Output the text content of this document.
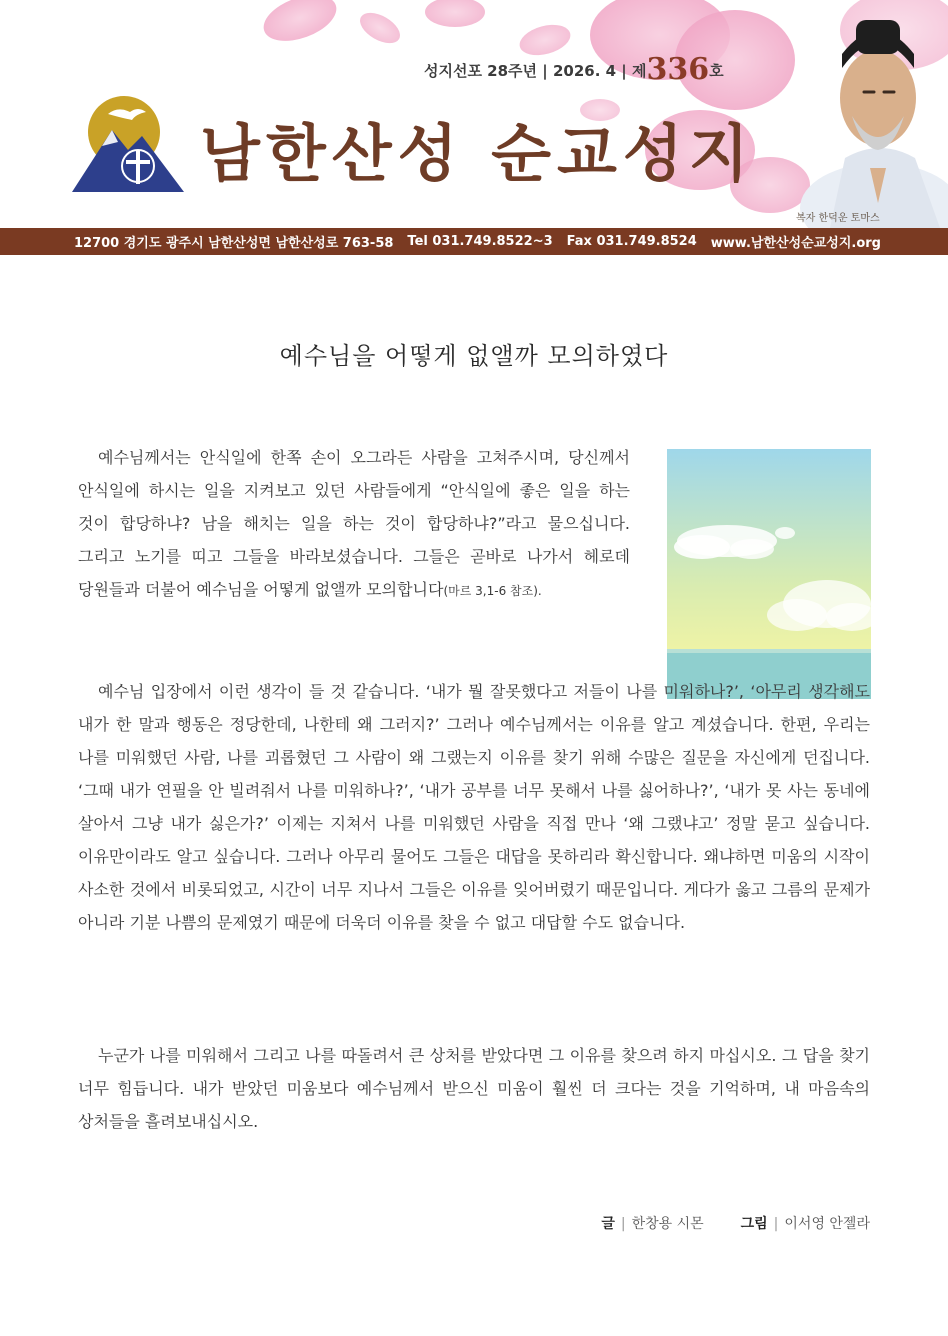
성지선포 28주년 | 2026. 4 | 제336호
남한산성 순교성지
복자 한덕운 토마스
12700 경기도 광주시 남한산성면 남한산성로 763-58 Tel 031.749.8522~3 Fax 031.749.8524 www.남한산성순교성지.org
예수님을 어떻게 없앨까 모의하였다

예수님께서는 안식일에 한쪽 손이 오그라든 사람을 고쳐주시며, 당신께서 안식일에 하시는 일을 지켜보고 있던 사람들에게 “안식일에 좋은 일을 하는 것이 합당하냐? 남을 해치는 일을 하는 것이 합당하냐?”라고 물으십니다. 그리고 노기를 띠고 그들을 바라보셨습니다. 그들은 곧바로 나가서 헤로데 당원들과 더불어 예수님을 어떻게 없앨까 모의합니다(마르 3,1-6 참조).

예수님 입장에서 이런 생각이 들 것 같습니다. ‘내가 뭘 잘못했다고 저들이 나를 미워하나?’, ‘아무리 생각해도 내가 한 말과 행동은 정당한데, 나한테 왜 그러지?’ 그러나 예수님께서는 이유를 알고 계셨습니다. 한편, 우리는 나를 미워했던 사람, 나를 괴롭혔던 그 사람이 왜 그랬는지 이유를 찾기 위해 수많은 질문을 자신에게 던집니다. ‘그때 내가 연필을 안 빌려줘서 나를 미워하나?’, ‘내가 공부를 너무 못해서 나를 싫어하나?’, ‘내가 못 사는 동네에 살아서 그냥 내가 싫은가?’ 이제는 지쳐서 나를 미워했던 사람을 직접 만나 ‘왜 그랬냐고’ 정말 묻고 싶습니다. 이유만이라도 알고 싶습니다. 그러나 아무리 물어도 그들은 대답을 못하리라 확신합니다. 왜냐하면 미움의 시작이 사소한 것에서 비롯되었고, 시간이 너무 지나서 그들은 이유를 잊어버렸기 때문입니다. 게다가 옳고 그름의 문제가 아니라 기분 나쁨의 문제였기 때문에 더욱더 이유를 찾을 수 없고 대답할 수도 없습니다.

누군가 나를 미워해서 그리고 나를 따돌려서 큰 상처를 받았다면 그 이유를 찾으려 하지 마십시오. 그 답을 찾기 너무 힘듭니다. 내가 받았던 미움보다 예수님께서 받으신 미움이 훨씬 더 크다는 것을 기억하며, 내 마음속의 상처들을 흘려보내십시오.

글 | 한창용 시몬	그림 | 이서영 안젤라
